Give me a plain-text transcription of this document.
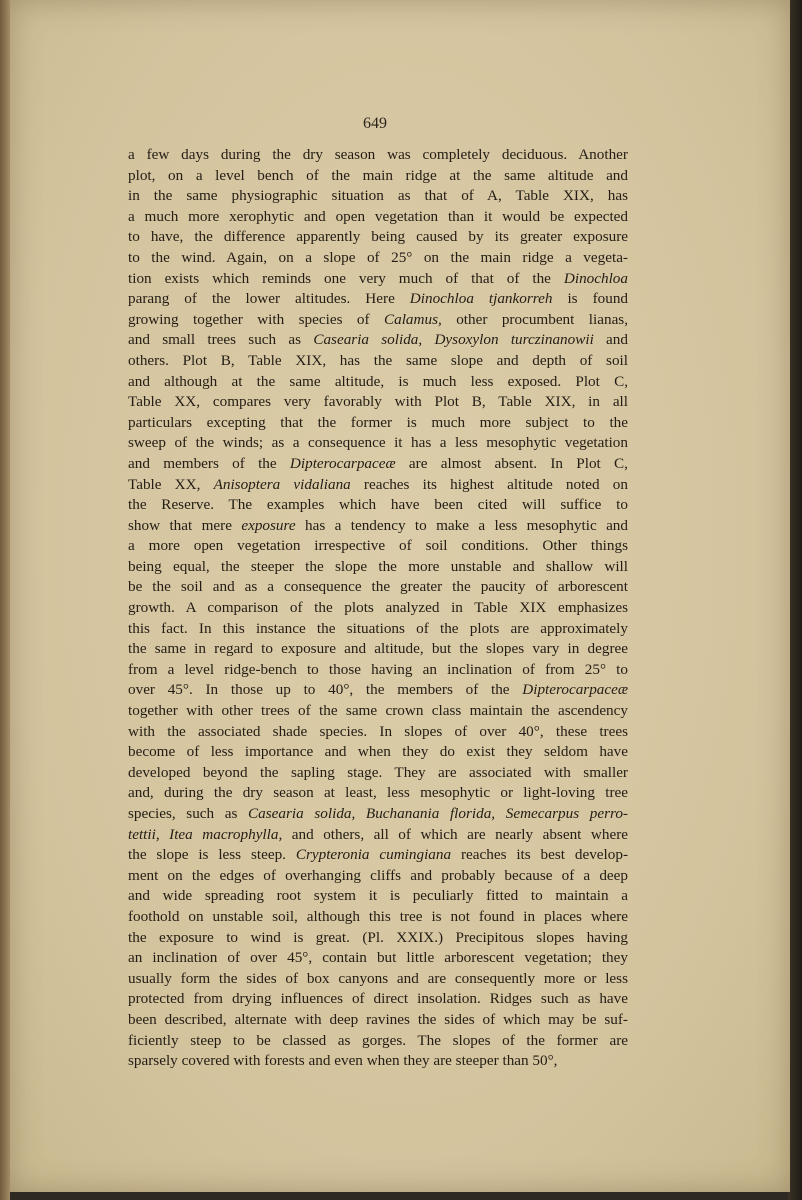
649
a few days during the dry season was completely deciduous. Another
plot, on a level bench of the main ridge at the same altitude and
in the same physiographic situation as that of A, Table XIX, has
a much more xerophytic and open vegetation than it would be expected
to have, the difference apparently being caused by its greater exposure
to the wind. Again, on a slope of 25° on the main ridge a vegeta-
tion exists which reminds one very much of that of the Dinochloa
parang of the lower altitudes. Here Dinochloa tjankorreh is found
growing together with species of Calamus, other procumbent lianas,
and small trees such as Casearia solida, Dysoxylon turczinanowii and
others. Plot B, Table XIX, has the same slope and depth of soil
and although at the same altitude, is much less exposed. Plot C,
Table XX, compares very favorably with Plot B, Table XIX, in all
particulars excepting that the former is much more subject to the
sweep of the winds; as a consequence it has a less mesophytic vegetation
and members of the Dipterocarpaceæ are almost absent. In Plot C,
Table XX, Anisoptera vidaliana reaches its highest altitude noted on
the Reserve. The examples which have been cited will suffice to
show that mere exposure has a tendency to make a less mesophytic and
a more open vegetation irrespective of soil conditions. Other things
being equal, the steeper the slope the more unstable and shallow will
be the soil and as a consequence the greater the paucity of arborescent
growth. A comparison of the plots analyzed in Table XIX emphasizes
this fact. In this instance the situations of the plots are approximately
the same in regard to exposure and altitude, but the slopes vary in degree
from a level ridge-bench to those having an inclination of from 25° to
over 45°. In those up to 40°, the members of the Dipterocarpaceæ
together with other trees of the same crown class maintain the ascendency
with the associated shade species. In slopes of over 40°, these trees
become of less importance and when they do exist they seldom have
developed beyond the sapling stage. They are associated with smaller
and, during the dry season at least, less mesophytic or light-loving tree
species, such as Casearia solida, Buchanania florida, Semecarpus perro-
tettii, Itea macrophylla, and others, all of which are nearly absent where
the slope is less steep. Crypteronia cumingiana reaches its best develop-
ment on the edges of overhanging cliffs and probably because of a deep
and wide spreading root system it is peculiarly fitted to maintain a
foothold on unstable soil, although this tree is not found in places where
the exposure to wind is great. (Pl. XXIX.) Precipitous slopes having
an inclination of over 45°, contain but little arborescent vegetation; they
usually form the sides of box canyons and are consequently more or less
protected from drying influences of direct insolation. Ridges such as have
been described, alternate with deep ravines the sides of which may be suf-
ficiently steep to be classed as gorges. The slopes of the former are
sparsely covered with forests and even when they are steeper than 50°,
